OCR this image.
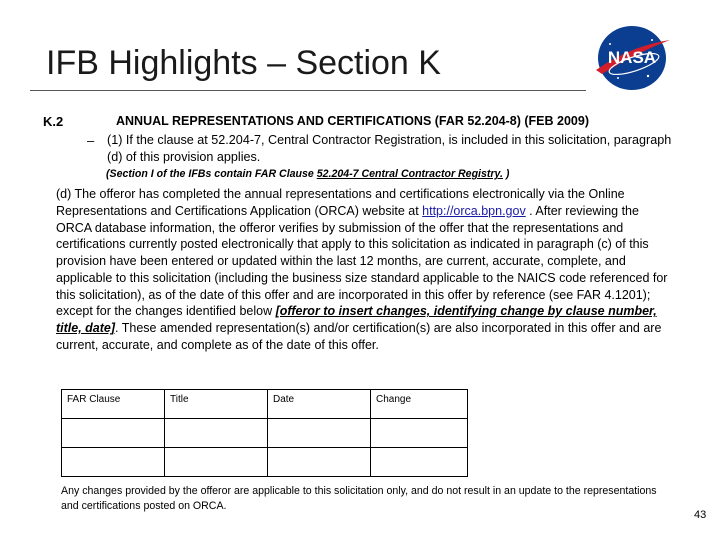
IFB Highlights – Section K	NASA
K.2	ANNUAL REPRESENTATIONS AND CERTIFICATIONS (FAR 52.204-8) (FEB 2009)
– (1) If the clause at 52.204-7, Central Contractor Registration, is included in this solicitation, paragraph (d) of this provision applies.
(Section I of the IFBs contain FAR Clause 52.204-7 Central Contractor Registry. )
(d) The offeror has completed the annual representations and certifications electronically via the Online Representations and Certifications Application (ORCA) website at http://orca.bpn.gov . After reviewing the ORCA database information, the offeror verifies by submission of the offer that the representations and certifications currently posted electronically that apply to this solicitation as indicated in paragraph (c) of this provision have been entered or updated within the last 12 months, are current, accurate, complete, and applicable to this solicitation (including the business size standard applicable to the NAICS code referenced for this solicitation), as of the date of this offer and are incorporated in this offer by reference (see FAR 4.1201); except for the changes identified below [offeror to insert changes, identifying change by clause number, title, date]. These amended representation(s) and/or certification(s) are also incorporated in this offer and are current, accurate, and complete as of the date of this offer.
FAR Clause	Title	Date	Change

Any changes provided by the offeror are applicable to this solicitation only, and do not result in an update to the representations and certifications posted on ORCA.
43
